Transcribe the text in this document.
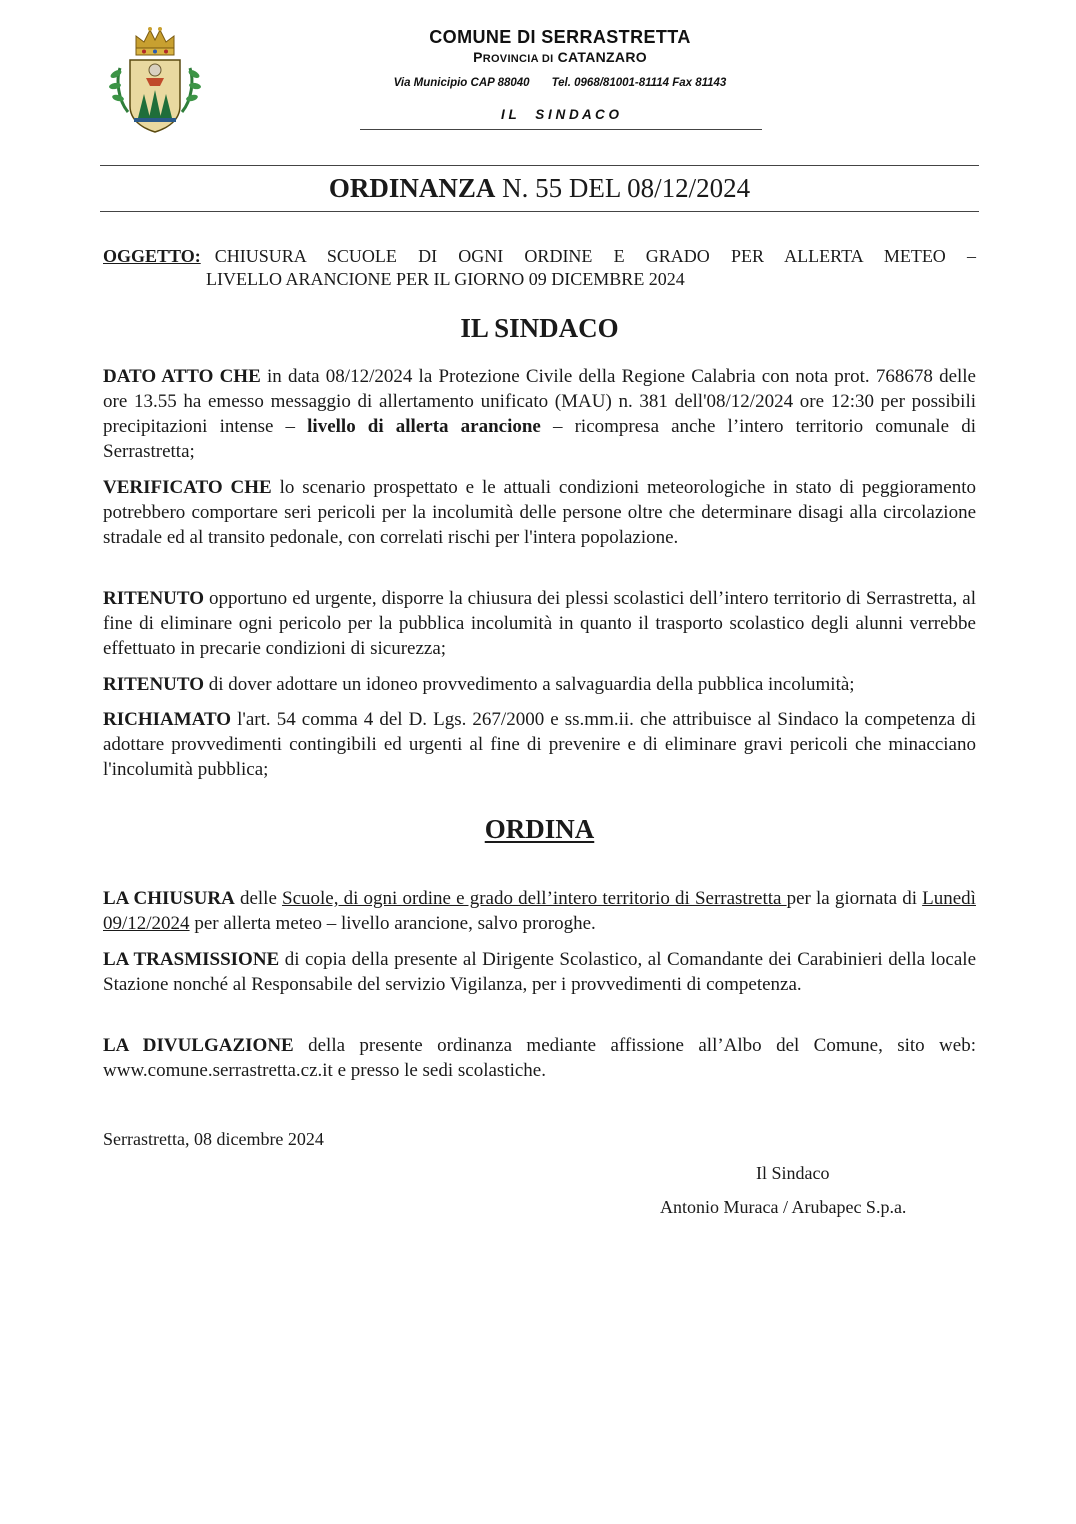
COMUNE DI SERRASTRETTA
PROVINCIA DI CATANZARO
Via Municipio CAP 88040 Tel. 0968/81001-81114 Fax 81143
I L     S I N D A C O
ORDINANZA N. 55 DEL 08/12/2024
OGGETTO: CHIUSURA SCUOLE DI OGNI ORDINE E GRADO PER ALLERTA METEO –
LIVELLO ARANCIONE PER IL GIORNO 09 DICEMBRE 2024
IL SINDACO
DATO ATTO CHE in data 08/12/2024 la Protezione Civile della Regione Calabria con nota prot. 768678 delle ore 13.55 ha emesso messaggio di allertamento unificato (MAU) n. 381 dell'08/12/2024 ore 12:30 per possibili precipitazioni intense – livello di allerta arancione – ricompresa anche l’intero territorio comunale di Serrastretta;
VERIFICATO CHE lo scenario prospettato e le attuali condizioni meteorologiche in stato di peggioramento potrebbero comportare seri pericoli per la incolumità delle persone oltre che determinare disagi alla circolazione stradale ed al transito pedonale, con correlati rischi per l'intera popolazione.
RITENUTO opportuno ed urgente, disporre la chiusura dei plessi scolastici dell’intero territorio di Serrastretta, al fine di eliminare ogni pericolo per la pubblica incolumità in quanto il trasporto scolastico degli alunni verrebbe effettuato in precarie condizioni di sicurezza;
RITENUTO di dover adottare un idoneo provvedimento a salvaguardia della pubblica incolumità;
RICHIAMATO l'art. 54 comma 4 del D. Lgs. 267/2000 e ss.mm.ii. che attribuisce al Sindaco la competenza di adottare provvedimenti contingibili ed urgenti al fine di prevenire e di eliminare gravi pericoli che minacciano l'incolumità pubblica;
ORDINA
LA CHIUSURA delle Scuole, di ogni ordine e grado dell’intero territorio di Serrastretta per la giornata di Lunedì 09/12/2024 per allerta meteo – livello arancione, salvo proroghe.
LA TRASMISSIONE di copia della presente al Dirigente Scolastico, al Comandante dei Carabinieri della locale Stazione nonché al Responsabile del servizio Vigilanza, per i provvedimenti di competenza.
LA DIVULGAZIONE della presente ordinanza mediante affissione all’Albo del Comune, sito web: www.comune.serrastretta.cz.it e presso le sedi scolastiche.
Serrastretta, 08 dicembre 2024
Il Sindaco
Antonio Muraca / Arubapec S.p.a.
